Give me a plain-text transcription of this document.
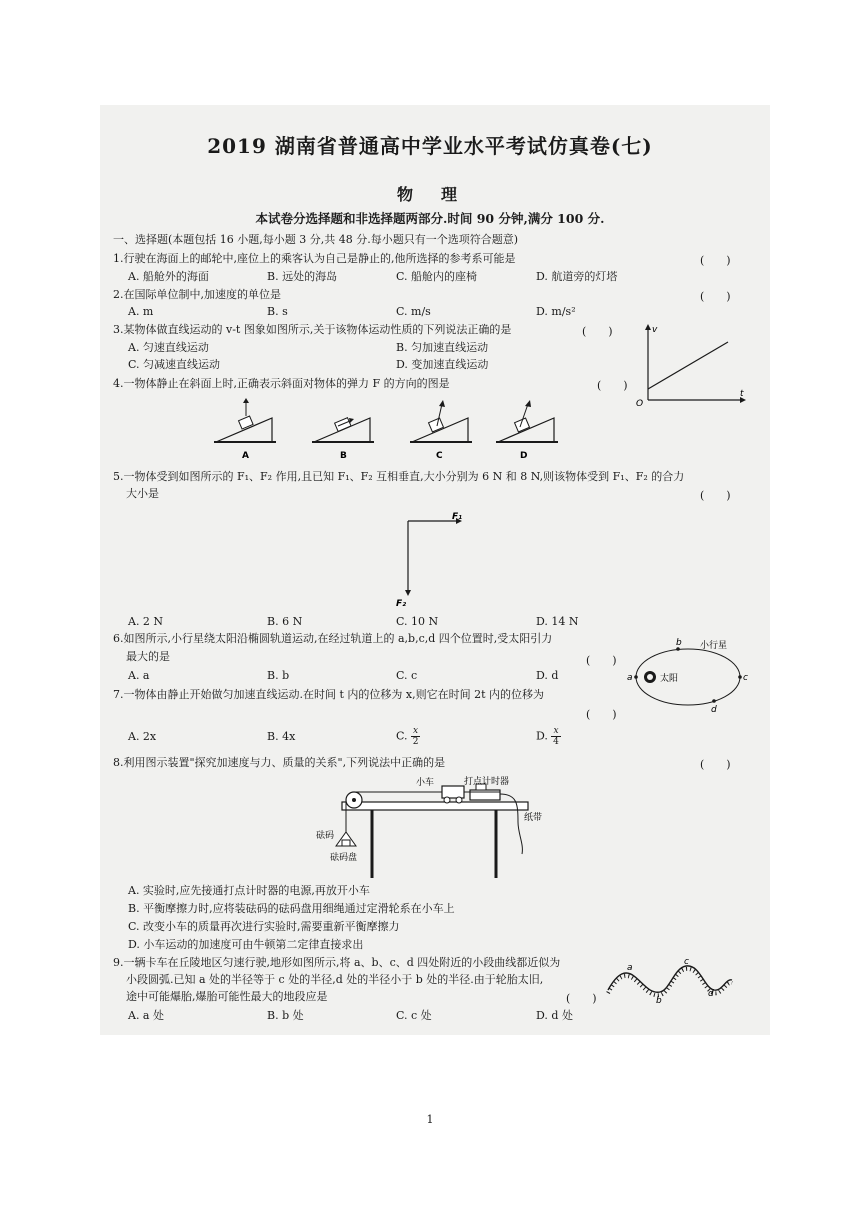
2019 湖南省普通高中学业水平考试仿真卷(七)
物　理
本试卷分选择题和非选择题两部分.时间 90 分钟,满分 100 分.
一、选择题(本题包括 16 小题,每小题 3 分,共 48 分.每小题只有一个选项符合题意)
1.行驶在海面上的邮轮中,座位上的乘客认为自己是静止的,他所选择的参考系可能是	(　　)
A. 船舱外的海面	B. 远处的海岛	C. 船舱内的座椅	D. 航道旁的灯塔
2.在国际单位制中,加速度的单位是	(　　)
A. m	B. s	C. m/s	D. m/s²
3.某物体做直线运动的 v-t 图象如图所示,关于该物体运动性质的下列说法正确的是	(　　)
A. 匀速直线运动	B. 匀加速直线运动
C. 匀减速直线运动	D. 变加速直线运动
v
O
t
4.一物体静止在斜面上时,正确表示斜面对物体的弹力 F 的方向的图是	(　　)
A	B	C	D
5.一物体受到如图所示的 F₁、F₂ 作用,且已知 F₁、F₂ 互相垂直,大小分别为 6 N 和 8 N,则该物体受到 F₁、F₂ 的合力
大小是	(　　)
F₁
F₂
A. 2 N	B. 6 N	C. 10 N	D. 14 N
6.如图所示,小行星绕太阳沿椭圆轨道运动,在经过轨道上的 a,b,c,d 四个位置时,受太阳引力
最大的是	(　　)
A. a	B. b	C. c	D. d	太阳
小行星
a
b
c
d
7.一物体由静止开始做匀加速直线运动.在时间 t 内的位移为 x,则它在时间 2t 内的位移为
(　　)
A. 2x	B. 4x	C. $\frac{x}{2}$	D. $\frac{x}{4}$
8.利用图示装置"探究加速度与力、质量的关系",下列说法中正确的是	(　　)
小车	打点计时器
纸带
砝码
砝码盘
A. 实验时,应先接通打点计时器的电源,再放开小车
B. 平衡摩擦力时,应将装砝码的砝码盘用细绳通过定滑轮系在小车上
C. 改变小车的质量再次进行实验时,需要重新平衡摩擦力
D. 小车运动的加速度可由牛顿第二定律直接求出
9.一辆卡车在丘陵地区匀速行驶,地形如图所示,将 a、b、c、d 四处附近的小段曲线都近似为
小段圆弧.已知 a 处的半径等于 c 处的半径,d 处的半径小于 b 处的半径.由于轮胎太旧,
途中可能爆胎,爆胎可能性最大的地段应是	(　　)
A. a 处	B. b 处	C. c 处	D. d 处
a
b
c
d
1
